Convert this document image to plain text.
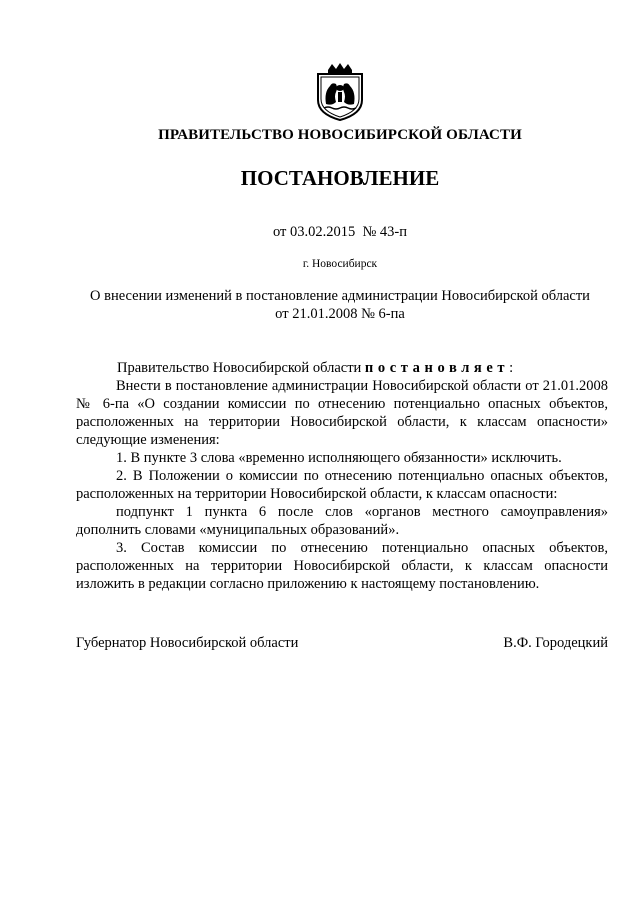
ПРАВИТЕЛЬСТВО НОВОСИБИРСКОЙ ОБЛАСТИ
ПОСТАНОВЛЕНИЕ
от 03.02.2015  № 43-п
г. Новосибирск
О внесении изменений в постановление администрации Новосибирской области
от 21.01.2008 № 6-па

Правительство Новосибирской области постановляет:

Внести в постановление администрации Новосибирской области от 21.01.2008 № 6-па «О создании комиссии по отнесению потенциально опасных объектов, расположенных на территории Новосибирской области, к классам опасности» следующие изменения:

1. В пункте 3 слова «временно исполняющего обязанности» исключить.

2. В Положении о комиссии по отнесению потенциально опасных объектов, расположенных на территории Новосибирской области, к классам опасности:

подпункт 1 пункта 6 после слов «органов местного самоуправления» дополнить словами «муниципальных образований».

3. Состав комиссии по отнесению потенциально опасных объектов, расположенных на территории Новосибирской области, к классам опасности изложить в редакции согласно приложению к настоящему постановлению.

Губернатор Новосибирской области	В.Ф. Городецкий
